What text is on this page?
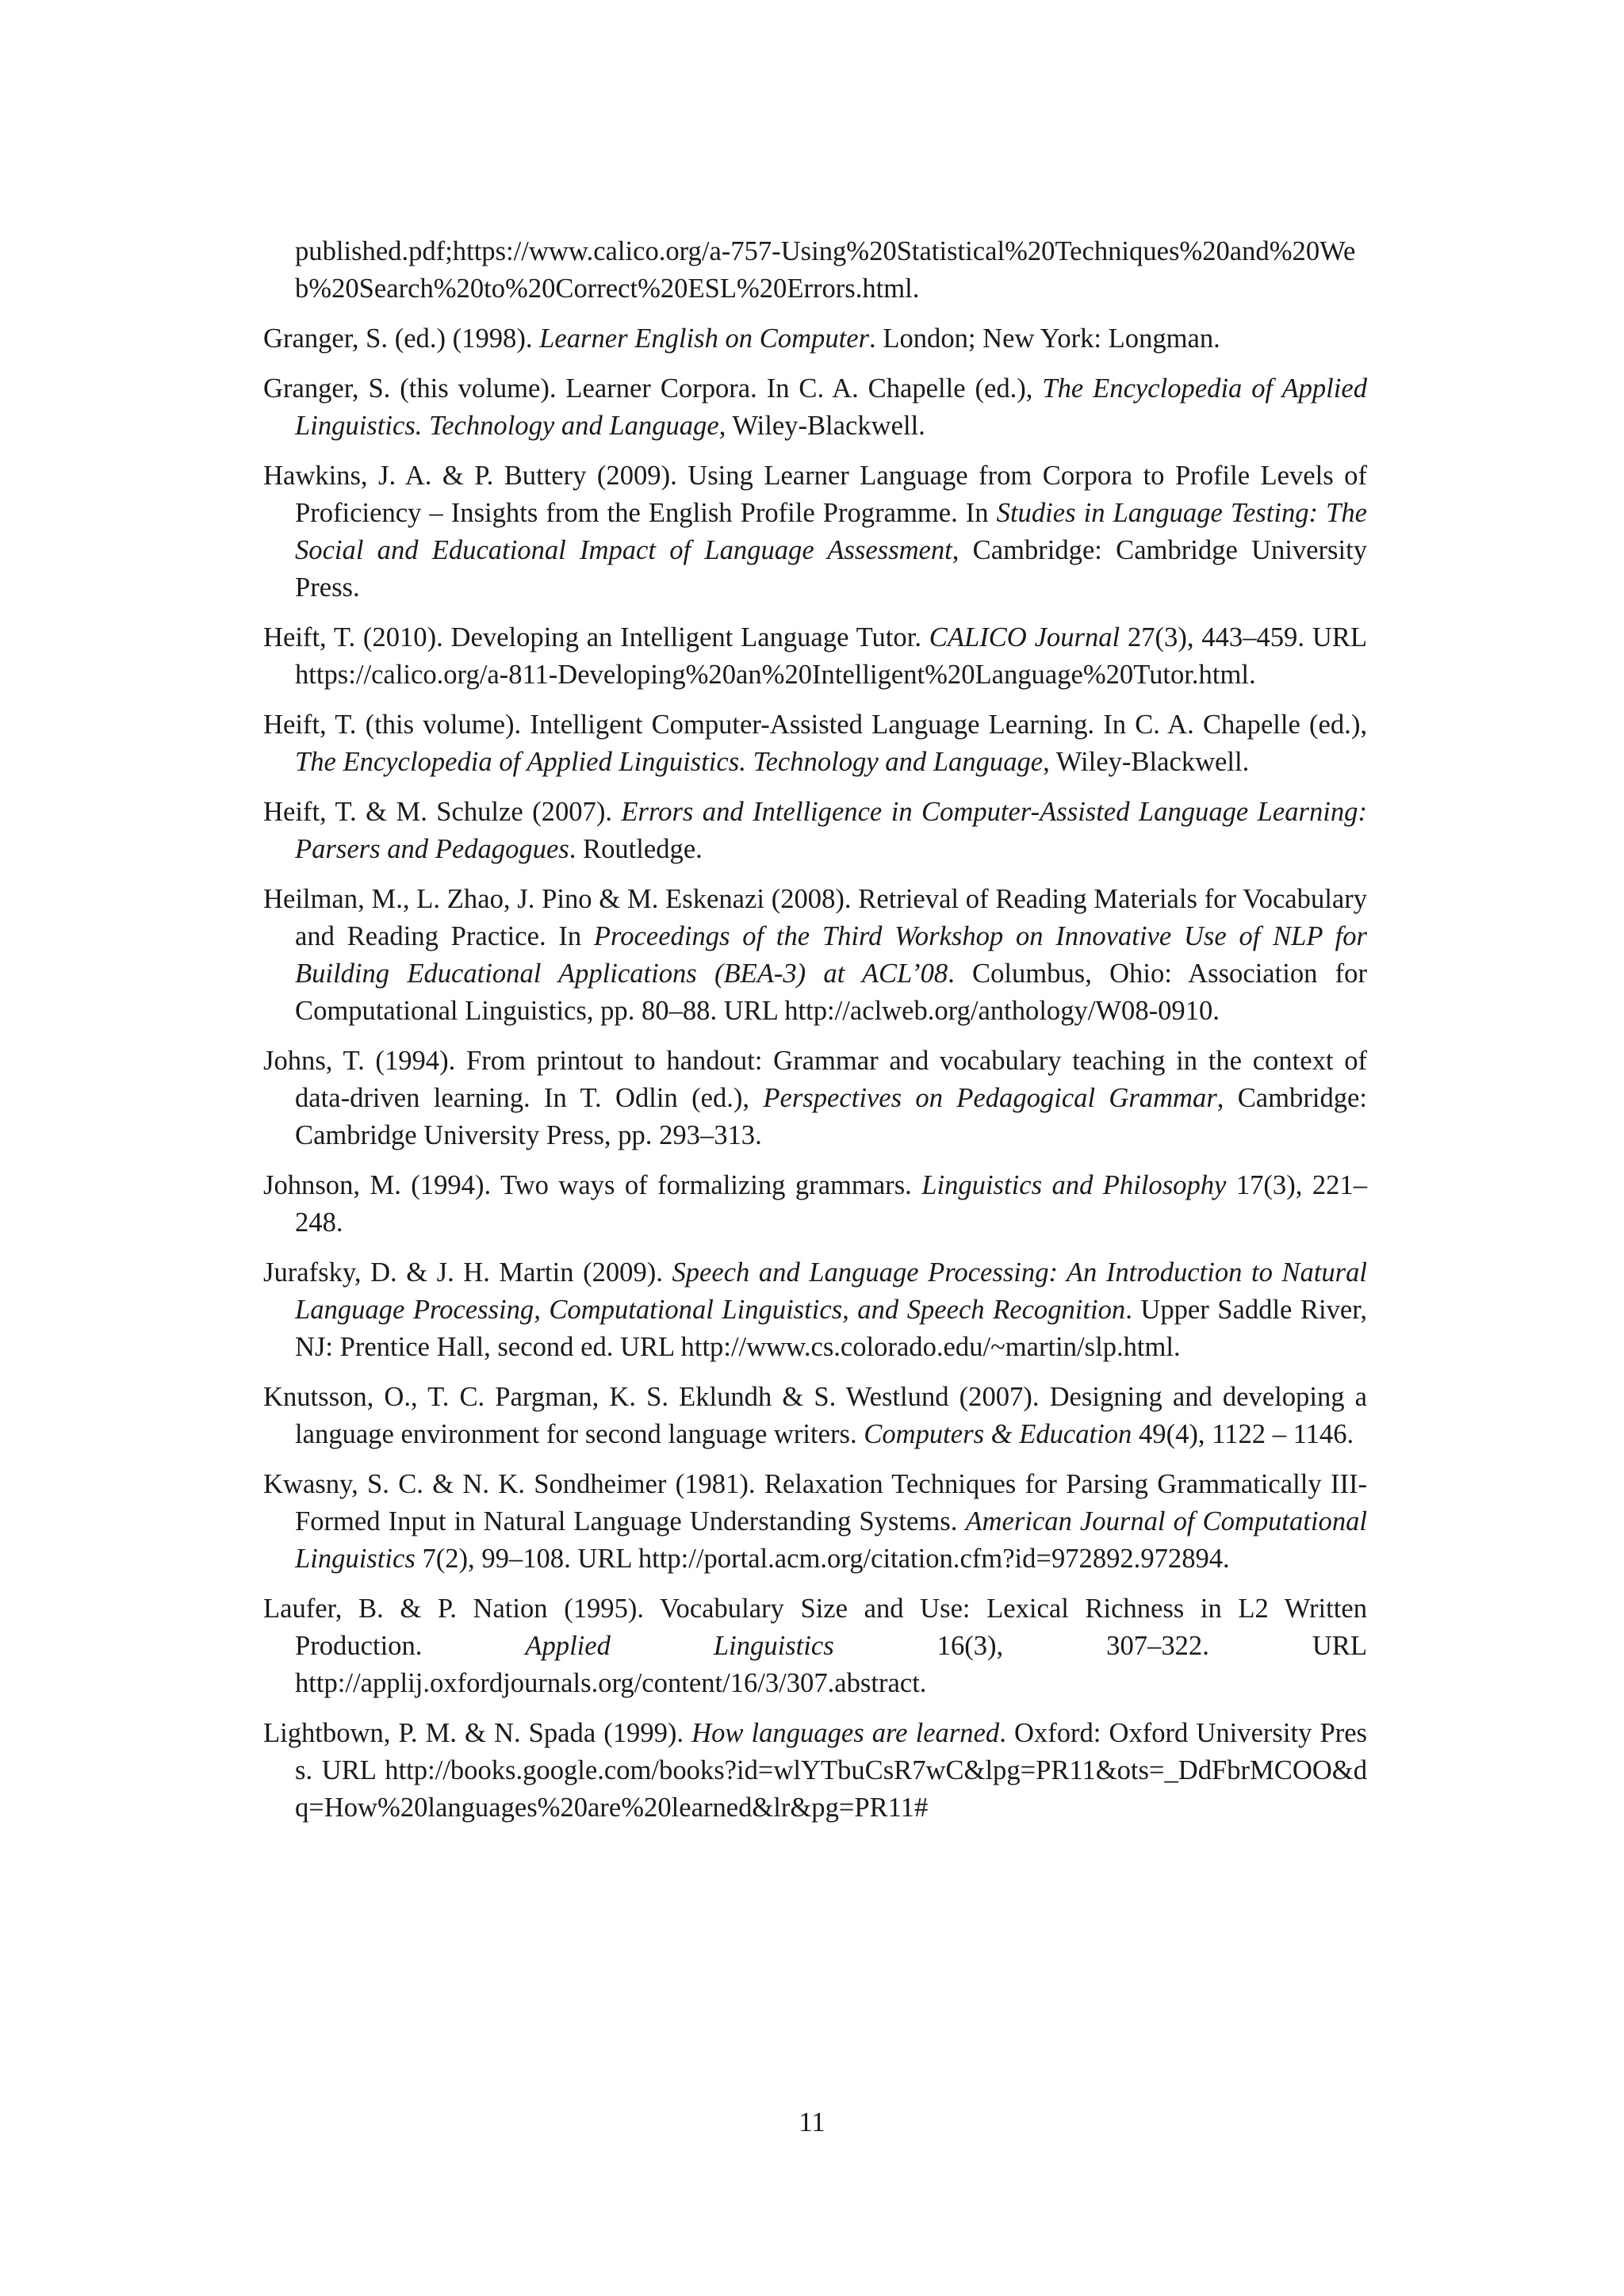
published.pdf;https://www.calico.org/a-757-Using%20Statistical%20Techniques%20and%20Web%20Search%20to%20Correct%20ESL%20Errors.html.

Granger, S. (ed.) (1998). Learner English on Computer. London; New York: Longman.

Granger, S. (this volume). Learner Corpora. In C. A. Chapelle (ed.), The Encyclopedia of Applied Linguistics. Technology and Language, Wiley-Blackwell.

Hawkins, J. A. & P. Buttery (2009). Using Learner Language from Corpora to Profile Levels of Proficiency – Insights from the English Profile Programme. In Studies in Language Testing: The Social and Educational Impact of Language Assessment, Cambridge: Cambridge University Press.

Heift, T. (2010). Developing an Intelligent Language Tutor. CALICO Journal 27(3), 443–459. URL https://calico.org/a-811-Developing%20an%20Intelligent%20Language%20Tutor.html.

Heift, T. (this volume). Intelligent Computer-Assisted Language Learning. In C. A. Chapelle (ed.), The Encyclopedia of Applied Linguistics. Technology and Language, Wiley-Blackwell.

Heift, T. & M. Schulze (2007). Errors and Intelligence in Computer-Assisted Language Learning: Parsers and Pedagogues. Routledge.

Heilman, M., L. Zhao, J. Pino & M. Eskenazi (2008). Retrieval of Reading Materials for Vocabulary and Reading Practice. In Proceedings of the Third Workshop on Innovative Use of NLP for Building Educational Applications (BEA-3) at ACL’08. Columbus, Ohio: Association for Computational Linguistics, pp. 80–88. URL http://aclweb.org/anthology/W08-0910.

Johns, T. (1994). From printout to handout: Grammar and vocabulary teaching in the context of data-driven learning. In T. Odlin (ed.), Perspectives on Pedagogical Grammar, Cambridge: Cambridge University Press, pp. 293–313.

Johnson, M. (1994). Two ways of formalizing grammars. Linguistics and Philosophy 17(3), 221–248.

Jurafsky, D. & J. H. Martin (2009). Speech and Language Processing: An Introduction to Natural Language Processing, Computational Linguistics, and Speech Recognition. Upper Saddle River, NJ: Prentice Hall, second ed. URL http://www.cs.colorado.edu/~martin/slp.html.

Knutsson, O., T. C. Pargman, K. S. Eklundh & S. Westlund (2007). Designing and developing a language environment for second language writers. Computers & Education 49(4), 1122 – 1146.

Kwasny, S. C. & N. K. Sondheimer (1981). Relaxation Techniques for Parsing Grammatically III-Formed Input in Natural Language Understanding Systems. American Journal of Computational Linguistics 7(2), 99–108. URL http://portal.acm.org/citation.cfm?id=972892.972894.

Laufer, B. & P. Nation (1995). Vocabulary Size and Use: Lexical Richness in L2 Written Production. Applied Linguistics 16(3), 307–322. URL http://applij.oxfordjournals.org/content/16/3/307.abstract.

Lightbown, P. M. & N. Spada (1999). How languages are learned. Oxford: Oxford University Press. URL http://books.google.com/books?id=wlYTbuCsR7wC&lpg=PR11&ots=_DdFbrMCOO&dq=How%20languages%20are%20learned&lr&pg=PR11#

11
